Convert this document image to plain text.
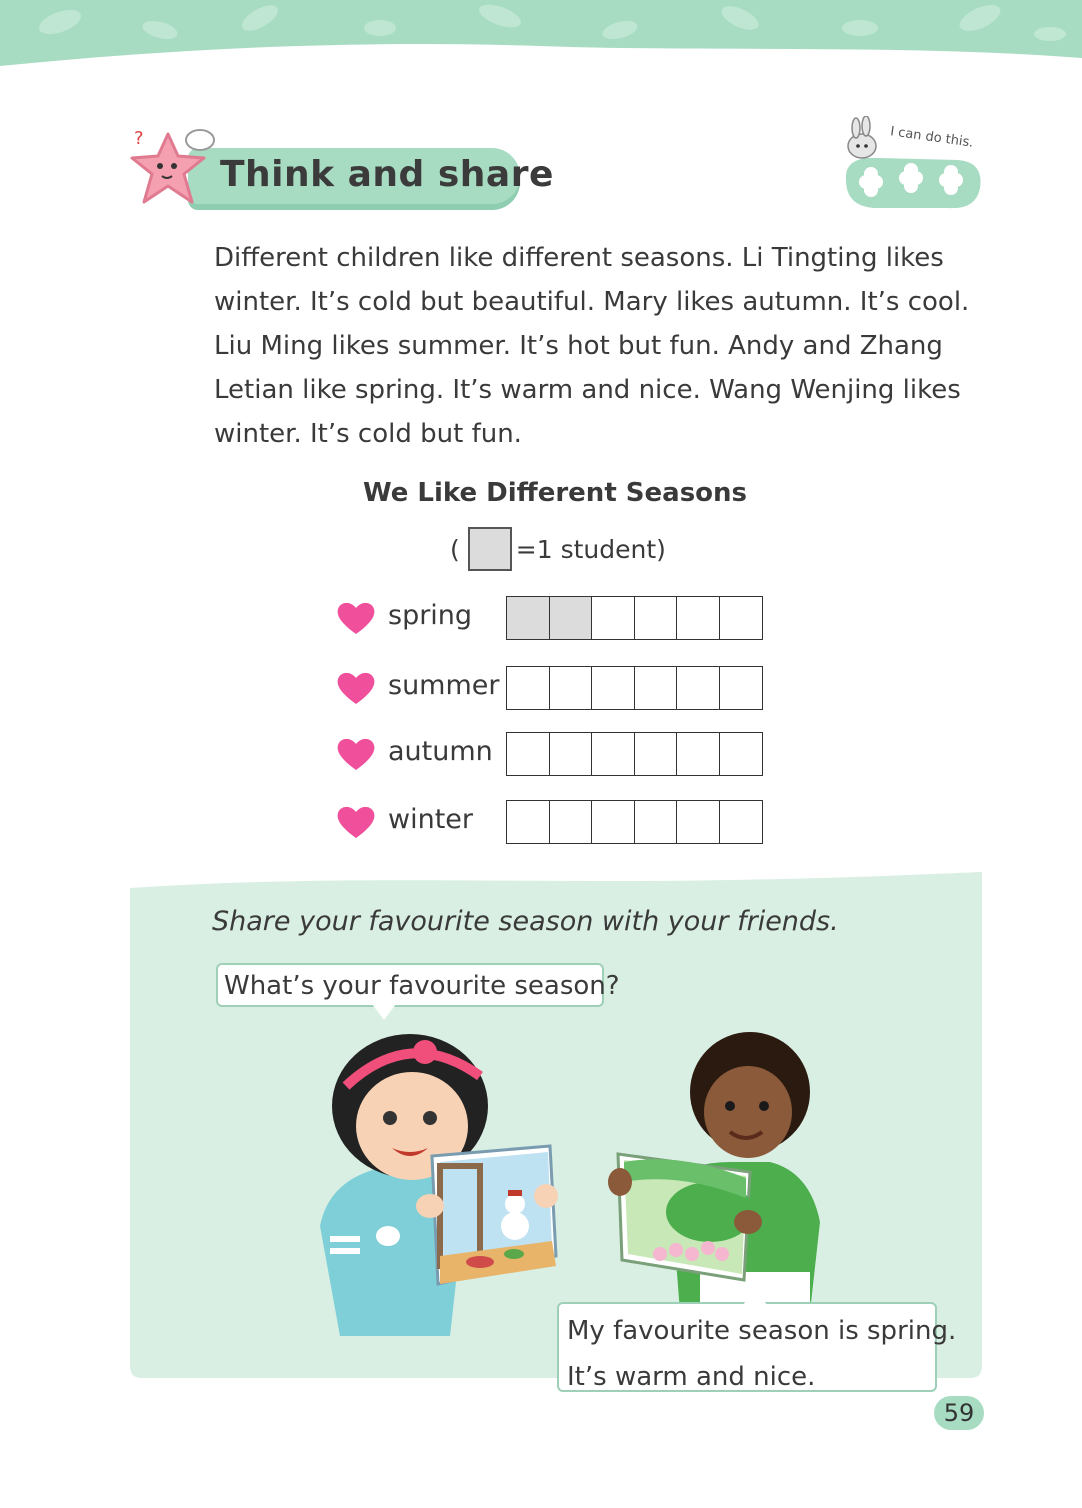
?
Think and share
I can do this.

Different children like different seasons. Li Tingting likes

winter. It’s cold but beautiful. Mary likes autumn. It’s cool.

Liu Ming likes summer. It’s hot but fun. Andy and Zhang

Letian like spring. It’s warm and nice. Wang Wenjing likes

winter. It’s cold but fun.

We Like Different Seasons
( =1 student)
spring
summer
autumn
winter
Share your favourite season with your friends.
What’s your favourite season?

My favourite season is spring.

It’s warm and nice.

59
